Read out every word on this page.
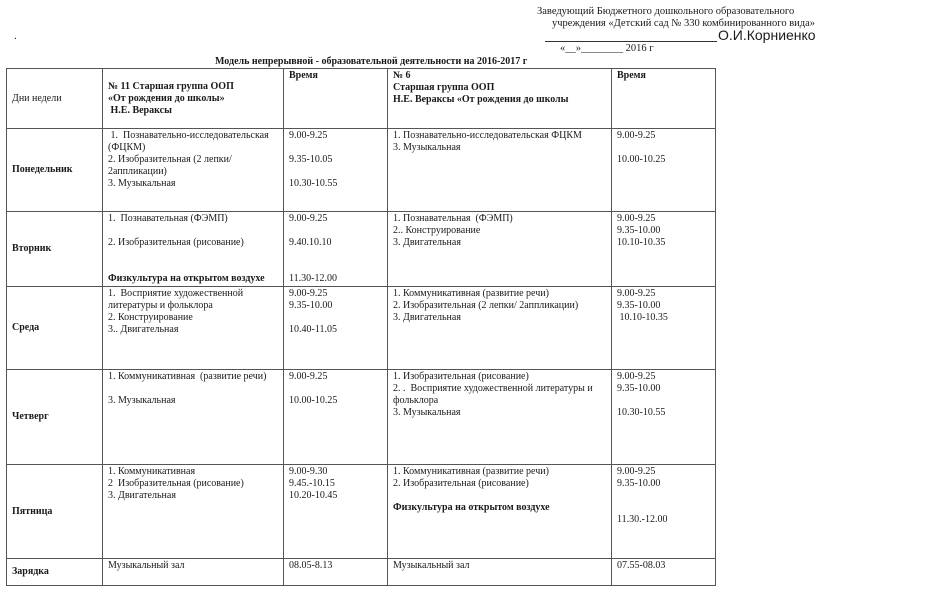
Заведующий Бюджетного дошкольного образовательного
учреждения «Детский сад № 330 комбинированного вида»
О.И.Корниенко
«__»________ 2016 г
.
Модель непрерывной - образовательной деятельности на 2016-2017 г
Дни недели	№ 11 Старшая группа ООП
«От рождения до школы»
Н.Е. Вераксы	Время	№ 6
Старшая группа ООП
Н.Е. Вераксы «От рождения до школы	Время
Понедельник	1.  Познавательно-исследовательская
(ФЦКМ)
2. Изобразительная (2 лепки/
2аппликации)
3. Музыкальная	9.00-9.25

9.35-10.05

10.30-10.55	1. Познавательно-исследовательская ФЦКМ
3. Музыкальная	9.00-9.25

10.00-10.25

Вторник	1.  Познавательная (ФЭМП)

2. Изобразительная (рисование)

Физкультура на открытом воздухе	9.00-9.25

9.40.10.10

11.30-12.00	1. Познавательная  (ФЭМП)
2.. Конструирование
3. Двигательная	9.00-9.25
9.35-10.00
10.10-10.35

Среда	1.  Восприятие художественной
литературы и фольклора
2. Конструирование
3.. Двигательная	9.00-9.25
9.35-10.00

10.40-11.05	1. Коммуникативная (развитие речи)
2. Изобразительная (2 лепки/ 2аппликации)
3. Двигательная	9.00-9.25
9.35-10.00
10.10-10.35

Четверг	1. Коммуникативная  (развитие речи)

3. Музыкальная	9.00-9.25

10.00-10.25	1. Изобразительная (рисование)
2. .  Восприятие художественной литературы и
фольклора
3. Музыкальная	9.00-9.25
9.35-10.00

10.30-10.55

Пятница	1. Коммуникативная
2  Изобразительная (рисование)
3. Двигательная	9.00-9.30
9.45.-10.15
10.20-10.45	1. Коммуникативная (развитие речи)
2. Изобразительная (рисование)

Физкультура на открытом воздухе	9.00-9.25
9.35-10.00

11.30.-12.00

Зарядка	Музыкальный зал	08.05-8.13	Музыкальный зал	07.55-08.03
